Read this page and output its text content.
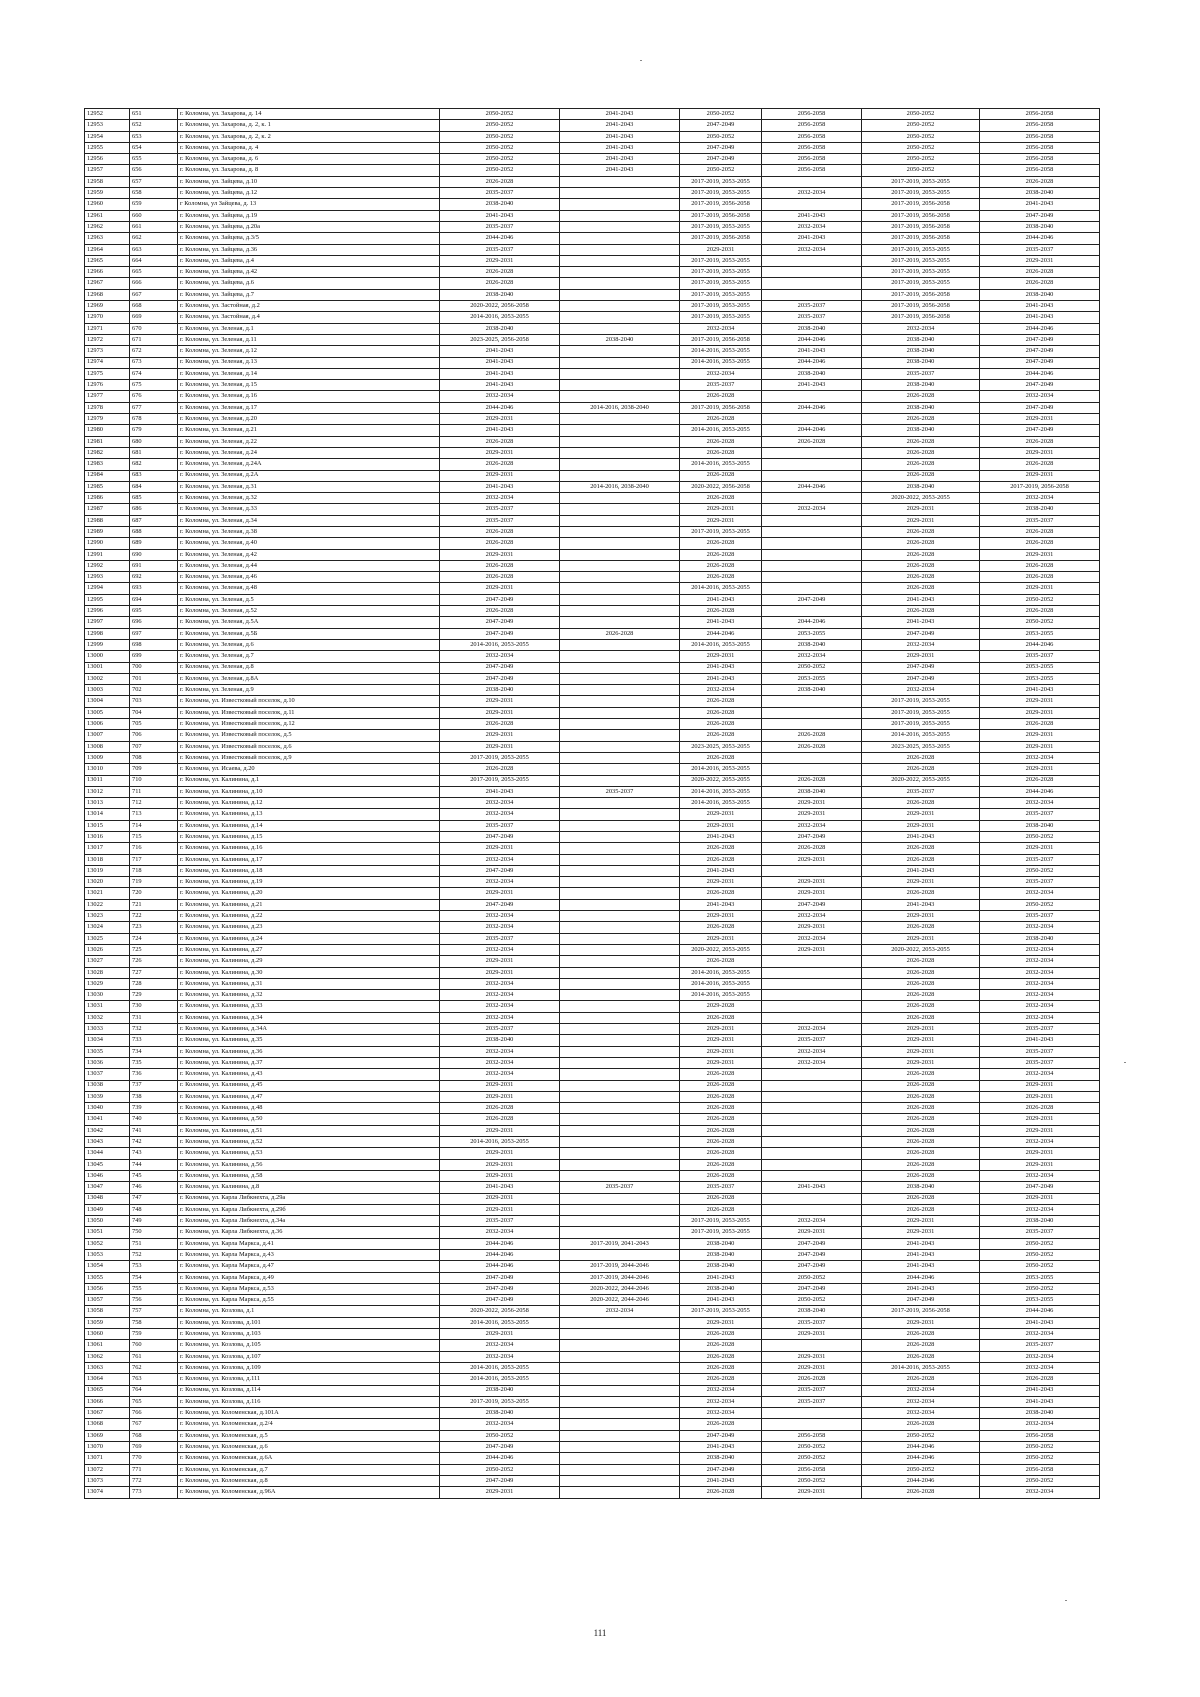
12952	651	г. Коломна, ул. Захарова, д. 14	2050-2052	2041-2043	2050-2052	2056-2058	2050-2052	2056-2058
12953	652	г. Коломна, ул. Захарова, д. 2, к. 1	2050-2052	2041-2043	2047-2049	2056-2058	2050-2052	2056-2058
12954	653	г. Коломна, ул. Захарова, д. 2, к. 2	2050-2052	2041-2043	2050-2052	2056-2058	2050-2052	2056-2058
12955	654	г. Коломна, ул. Захарова, д. 4	2050-2052	2041-2043	2047-2049	2056-2058	2050-2052	2056-2058
12956	655	г. Коломна, ул. Захарова, д. 6	2050-2052	2041-2043	2047-2049	2056-2058	2050-2052	2056-2058
12957	656	г. Коломна, ул. Захарова, д. 8	2050-2052	2041-2043	2050-2052	2056-2058	2050-2052	2056-2058
12958	657	г. Коломна, ул. Зайцева, д.10	2026-2028		2017-2019, 2053-2055		2017-2019, 2053-2055	2026-2028
12959	658	г. Коломна, ул. Зайцева, д.12	2035-2037		2017-2019, 2053-2055	2032-2034	2017-2019, 2053-2055	2038-2040
12960	659	г Коломна, ул Зайцева, д. 13	2038-2040		2017-2019, 2056-2058		2017-2019, 2056-2058	2041-2043
12961	660	г. Коломна, ул. Зайцева, д.19	2041-2043		2017-2019, 2056-2058	2041-2043	2017-2019, 2056-2058	2047-2049
12962	661	г. Коломна, ул. Зайцева, д.20а	2035-2037		2017-2019, 2053-2055	2032-2034	2017-2019, 2056-2058	2038-2040
12963	662	г. Коломна, ул. Зайцева, д.3/5	2044-2046		2017-2019, 2056-2058	2041-2043	2017-2019, 2056-2058	2044-2046
12964	663	г. Коломна, ул. Зайцева, д.36	2035-2037		2029-2031	2032-2034	2017-2019, 2053-2055	2035-2037
12965	664	г. Коломна, ул. Зайцева, д.4	2029-2031		2017-2019, 2053-2055		2017-2019, 2053-2055	2029-2031
12966	665	г. Коломна, ул. Зайцева, д.42	2026-2028		2017-2019, 2053-2055		2017-2019, 2053-2055	2026-2028
12967	666	г. Коломна, ул. Зайцева, д.6	2026-2028		2017-2019, 2053-2055		2017-2019, 2053-2055	2026-2028
12968	667	г. Коломна, ул. Зайцева, д.7	2038-2040		2017-2019, 2053-2055		2017-2019, 2056-2058	2038-2040
12969	668	г. Коломна, ул. Застойная, д.2	2020-2022, 2056-2058		2017-2019, 2053-2055	2035-2037	2017-2019, 2056-2058	2041-2043
12970	669	г. Коломна, ул. Застойная, д.4	2014-2016, 2053-2055		2017-2019, 2053-2055	2035-2037	2017-2019, 2056-2058	2041-2043
12971	670	г. Коломна, ул. Зеленая, д.1	2038-2040		2032-2034	2038-2040	2032-2034	2044-2046
12972	671	г. Коломна, ул. Зеленая, д.11	2023-2025, 2056-2058	2038-2040	2017-2019, 2056-2058	2044-2046	2038-2040	2047-2049
12973	672	г. Коломна, ул. Зеленая, д.12	2041-2043		2014-2016, 2053-2055	2041-2043	2038-2040	2047-2049
12974	673	г. Коломна, ул. Зеленая, д.13	2041-2043		2014-2016, 2053-2055	2044-2046	2038-2040	2047-2049
12975	674	г. Коломна, ул. Зеленая, д.14	2041-2043		2032-2034	2038-2040	2035-2037	2044-2046
12976	675	г. Коломна, ул. Зеленая, д.15	2041-2043		2035-2037	2041-2043	2038-2040	2047-2049
12977	676	г. Коломна, ул. Зеленая, д.16	2032-2034		2026-2028		2026-2028	2032-2034
12978	677	г. Коломна, ул. Зеленая, д.17	2044-2046	2014-2016, 2038-2040	2017-2019, 2056-2058	2044-2046	2038-2040	2047-2049
12979	678	г. Коломна, ул. Зеленая, д.20	2029-2031		2026-2028		2026-2028	2029-2031
12980	679	г. Коломна, ул. Зеленая, д.21	2041-2043		2014-2016, 2053-2055	2044-2046	2038-2040	2047-2049
12981	680	г. Коломна, ул. Зеленая, д.22	2026-2028		2026-2028	2026-2028	2026-2028	2026-2028
12982	681	г. Коломна, ул. Зеленая, д.24	2029-2031		2026-2028		2026-2028	2029-2031
12983	682	г. Коломна, ул. Зеленая, д.24А	2026-2028		2014-2016, 2053-2055		2026-2028	2026-2028
12984	683	г. Коломна, ул. Зеленая, д.2А	2029-2031		2026-2028		2026-2028	2029-2031
12985	684	г. Коломна, ул. Зеленая, д.31	2041-2043	2014-2016, 2038-2040	2020-2022, 2056-2058	2044-2046	2038-2040	2017-2019, 2056-2058
12986	685	г. Коломна, ул. Зеленая, д.32	2032-2034		2026-2028		2020-2022, 2053-2055	2032-2034
12987	686	г. Коломна, ул. Зеленая, д.33	2035-2037		2029-2031	2032-2034	2029-2031	2038-2040
12988	687	г. Коломна, ул. Зеленая, д.34	2035-2037		2029-2031		2029-2031	2035-2037
12989	688	г. Коломна, ул. Зеленая, д.38	2026-2028		2017-2019, 2053-2055		2026-2028	2026-2028
12990	689	г. Коломна, ул. Зеленая, д.40	2026-2028		2026-2028		2026-2028	2026-2028
12991	690	г. Коломна, ул. Зеленая, д.42	2029-2031		2026-2028		2026-2028	2029-2031
12992	691	г. Коломна, ул. Зеленая, д.44	2026-2028		2026-2028		2026-2028	2026-2028
12993	692	г. Коломна, ул. Зеленая, д.46	2026-2028		2026-2028		2026-2028	2026-2028
12994	693	г. Коломна, ул. Зеленая, д.48	2029-2031		2014-2016, 2053-2055		2026-2028	2029-2031
12995	694	г. Коломна, ул. Зеленая, д.5	2047-2049		2041-2043	2047-2049	2041-2043	2050-2052
12996	695	г. Коломна, ул. Зеленая, д.52	2026-2028		2026-2028		2026-2028	2026-2028
12997	696	г. Коломна, ул. Зеленая, д.5А	2047-2049		2041-2043	2044-2046	2041-2043	2050-2052
12998	697	г. Коломна, ул. Зеленая, д.5Б	2047-2049	2026-2028	2044-2046	2053-2055	2047-2049	2053-2055
12999	698	г. Коломна, ул. Зеленая, д.6	2014-2016, 2053-2055		2014-2016, 2053-2055	2038-2040	2032-2034	2044-2046
13000	699	г. Коломна, ул. Зеленая, д.7	2032-2034		2029-2031	2032-2034	2029-2031	2035-2037
13001	700	г. Коломна, ул. Зеленая, д.8	2047-2049		2041-2043	2050-2052	2047-2049	2053-2055
13002	701	г. Коломна, ул. Зеленая, д.8А	2047-2049		2041-2043	2053-2055	2047-2049	2053-2055
13003	702	г. Коломна, ул. Зеленая, д.9	2038-2040		2032-2034	2038-2040	2032-2034	2041-2043
13004	703	г. Коломна, ул. Известковый поселок, д.10	2029-2031		2026-2028		2017-2019, 2053-2055	2029-2031
13005	704	г. Коломна, ул. Известковый поселок, д.11	2029-2031		2026-2028		2017-2019, 2053-2055	2029-2031
13006	705	г. Коломна, ул. Известковый поселок, д.12	2026-2028		2026-2028		2017-2019, 2053-2055	2026-2028
13007	706	г. Коломна, ул. Известковый поселок, д.5	2029-2031		2026-2028	2026-2028	2014-2016, 2053-2055	2029-2031
13008	707	г. Коломна, ул. Известковый поселок, д.6	2029-2031		2023-2025, 2053-2055	2026-2028	2023-2025, 2053-2055	2029-2031
13009	708	г. Коломна, ул. Известковый поселок, д.9	2017-2019, 2053-2055		2026-2028		2026-2028	2032-2034
13010	709	г. Коломна, ул. Исаева, д.20	2026-2028		2014-2016, 2053-2055		2026-2028	2029-2031
13011	710	г. Коломна, ул. Калинина, д.1	2017-2019, 2053-2055		2020-2022, 2053-2055	2026-2028	2020-2022, 2053-2055	2026-2028
13012	711	г. Коломна, ул. Калинина, д.10	2041-2043	2035-2037	2014-2016, 2053-2055	2038-2040	2035-2037	2044-2046
13013	712	г. Коломна, ул. Калинина, д.12	2032-2034		2014-2016, 2053-2055	2029-2031	2026-2028	2032-2034
13014	713	г. Коломна, ул. Калинина, д.13	2032-2034		2029-2031	2029-2031	2029-2031	2035-2037
13015	714	г. Коломна, ул. Калинина, д.14	2035-2037		2029-2031	2032-2034	2029-2031	2038-2040
13016	715	г. Коломна, ул. Калинина, д.15	2047-2049		2041-2043	2047-2049	2041-2043	2050-2052
13017	716	г. Коломна, ул. Калинина, д.16	2029-2031		2026-2028	2026-2028	2026-2028	2029-2031
13018	717	г. Коломна, ул. Калинина, д.17	2032-2034		2026-2028	2029-2031	2026-2028	2035-2037
13019	718	г. Коломна, ул. Калинина, д.18	2047-2049		2041-2043		2041-2043	2050-2052
13020	719	г. Коломна, ул. Калинина, д.19	2032-2034		2029-2031	2029-2031	2029-2031	2035-2037
13021	720	г. Коломна, ул. Калинина, д.20	2029-2031		2026-2028	2029-2031	2026-2028	2032-2034
13022	721	г. Коломна, ул. Калинина, д.21	2047-2049		2041-2043	2047-2049	2041-2043	2050-2052
13023	722	г. Коломна, ул. Калинина, д.22	2032-2034		2029-2031	2032-2034	2029-2031	2035-2037
13024	723	г. Коломна, ул. Калинина, д.23	2032-2034		2026-2028	2029-2031	2026-2028	2032-2034
13025	724	г. Коломна, ул. Калинина, д.24	2035-2037		2029-2031	2032-2034	2029-2031	2038-2040
13026	725	г. Коломна, ул. Калинина, д.27	2032-2034		2020-2022, 2053-2055	2029-2031	2020-2022, 2053-2055	2032-2034
13027	726	г. Коломна, ул. Калинина, д.29	2029-2031		2026-2028		2026-2028	2032-2034
13028	727	г. Коломна, ул. Калинина, д.30	2029-2031		2014-2016, 2053-2055		2026-2028	2032-2034
13029	728	г. Коломна, ул. Калинина, д.31	2032-2034		2014-2016, 2053-2055		2026-2028	2032-2034
13030	729	г. Коломна, ул. Калинина, д.32	2032-2034		2014-2016, 2053-2055		2026-2028	2032-2034
13031	730	г. Коломна, ул. Калинина, д.33	2032-2034		2029-2028		2026-2028	2032-2034
13032	731	г. Коломна, ул. Калинина, д.34	2032-2034		2026-2028		2026-2028	2032-2034
13033	732	г. Коломна, ул. Калинина, д.34А	2035-2037		2029-2031	2032-2034	2029-2031	2035-2037
13034	733	г. Коломна, ул. Калинина, д.35	2038-2040		2029-2031	2035-2037	2029-2031	2041-2043
13035	734	г. Коломна, ул. Калинина, д.36	2032-2034		2029-2031	2032-2034	2029-2031	2035-2037
13036	735	г. Коломна, ул. Калинина, д.37	2032-2034		2029-2031	2032-2034	2029-2031	2035-2037
13037	736	г. Коломна, ул. Калинина, д.43	2032-2034		2026-2028		2026-2028	2032-2034
13038	737	г. Коломна, ул. Калинина, д.45	2029-2031		2026-2028		2026-2028	2029-2031
13039	738	г. Коломна, ул. Калинина, д.47	2029-2031		2026-2028		2026-2028	2029-2031
13040	739	г. Коломна, ул. Калинина, д.48	2026-2028		2026-2028		2026-2028	2026-2028
13041	740	г. Коломна, ул. Калинина, д.50	2026-2028		2026-2028		2026-2028	2029-2031
13042	741	г. Коломна, ул. Калинина, д.51	2029-2031		2026-2028		2026-2028	2029-2031
13043	742	г. Коломна, ул. Калинина, д.52	2014-2016, 2053-2055		2026-2028		2026-2028	2032-2034
13044	743	г. Коломна, ул. Калинина, д.53	2029-2031		2026-2028		2026-2028	2029-2031
13045	744	г. Коломна, ул. Калинина, д.56	2029-2031		2026-2028		2026-2028	2029-2031
13046	745	г. Коломна, ул. Калинина, д.58	2029-2031		2026-2028		2026-2028	2032-2034
13047	746	г. Коломна, ул. Калинина, д.8	2041-2043	2035-2037	2035-2037	2041-2043	2038-2040	2047-2049
13048	747	г. Коломна, ул. Карла Либкнехта, д.29а	2029-2031		2026-2028		2026-2028	2029-2031
13049	748	г. Коломна, ул. Карла Либкнехта, д.29б	2029-2031		2026-2028		2026-2028	2032-2034
13050	749	г. Коломна, ул. Карла Либкнехта, д.34а	2035-2037		2017-2019, 2053-2055	2032-2034	2029-2031	2038-2040
13051	750	г. Коломна, ул. Карла Либкнехта, д.36	2032-2034		2017-2019, 2053-2055	2029-2031	2029-2031	2035-2037
13052	751	г. Коломна, ул. Карла Маркса, д.41	2044-2046	2017-2019, 2041-2043	2038-2040	2047-2049	2041-2043	2050-2052
13053	752	г. Коломна, ул. Карла Маркса, д.43	2044-2046		2038-2040	2047-2049	2041-2043	2050-2052
13054	753	г. Коломна, ул. Карла Маркса, д.47	2044-2046	2017-2019, 2044-2046	2038-2040	2047-2049	2041-2043	2050-2052
13055	754	г. Коломна, ул. Карла Маркса, д.49	2047-2049	2017-2019, 2044-2046	2041-2043	2050-2052	2044-2046	2053-2055
13056	755	г. Коломна, ул. Карла Маркса, д.53	2047-2049	2020-2022, 2044-2046	2038-2040	2047-2049	2041-2043	2050-2052
13057	756	г. Коломна, ул. Карла Маркса, д.55	2047-2049	2020-2022, 2044-2046	2041-2043	2050-2052	2047-2049	2053-2055
13058	757	г. Коломна, ул. Козлова, д.1	2020-2022, 2056-2058	2032-2034	2017-2019, 2053-2055	2038-2040	2017-2019, 2056-2058	2044-2046
13059	758	г. Коломна, ул. Козлова, д.101	2014-2016, 2053-2055		2029-2031	2035-2037	2029-2031	2041-2043
13060	759	г. Коломна, ул. Козлова, д.103	2029-2031		2026-2028	2029-2031	2026-2028	2032-2034
13061	760	г. Коломна, ул. Козлова, д.105	2032-2034		2026-2028		2026-2028	2035-2037
13062	761	г. Коломна, ул. Козлова, д.107	2032-2034		2026-2028	2029-2031	2026-2028	2032-2034
13063	762	г. Коломна, ул. Козлова, д.109	2014-2016, 2053-2055		2026-2028	2029-2031	2014-2016, 2053-2055	2032-2034
13064	763	г. Коломна, ул. Козлова, д.111	2014-2016, 2053-2055		2026-2028	2026-2028	2026-2028	2026-2028
13065	764	г. Коломна, ул. Козлова, д.114	2038-2040		2032-2034	2035-2037	2032-2034	2041-2043
13066	765	г. Коломна, ул. Козлова, д.116	2017-2019, 2053-2055		2032-2034	2035-2037	2032-2034	2041-2043
13067	766	г. Коломна, ул. Коломенская, д.101А	2038-2040		2032-2034		2032-2034	2038-2040
13068	767	г. Коломна, ул. Коломенская, д.2/4	2032-2034		2026-2028		2026-2028	2032-2034
13069	768	г. Коломна, ул. Коломенская, д.5	2050-2052		2047-2049	2056-2058	2050-2052	2056-2058
13070	769	г. Коломна, ул. Коломенская, д.6	2047-2049		2041-2043	2050-2052	2044-2046	2050-2052
13071	770	г. Коломна, ул. Коломенская, д.6А	2044-2046		2038-2040	2050-2052	2044-2046	2050-2052
13072	771	г. Коломна, ул. Коломенская, д.7	2050-2052		2047-2049	2056-2058	2050-2052	2056-2058
13073	772	г. Коломна, ул. Коломенская, д.8	2047-2049		2041-2043	2050-2052	2044-2046	2050-2052
13074	773	г. Коломна, ул. Коломенская, д.96А	2029-2031		2026-2028	2029-2031	2026-2028	2032-2034
111
